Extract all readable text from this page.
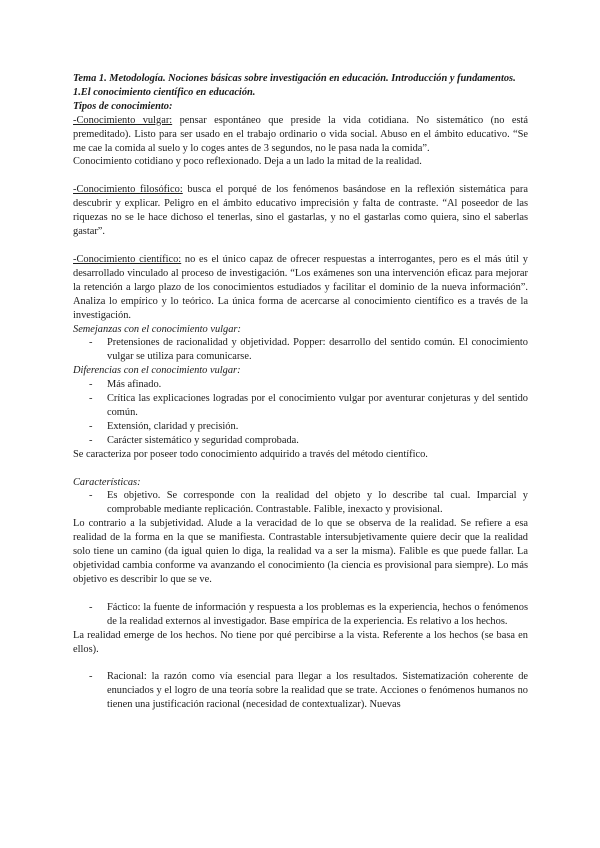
Tema 1. Metodología. Nociones básicas sobre investigación en educación. Introducción y fundamentos.

1.El conocimiento científico en educación.

Tipos de conocimiento:

-Conocimiento vulgar: pensar espontáneo que preside la vida cotidiana. No sistemático (no está premeditado). Listo para ser usado en el trabajo ordinario o vida social. Abuso en el ámbito educativo. “Se me cae la comida al suelo y lo coges antes de 3 segundos, no le pasa nada la comida”.

Conocimiento cotidiano y poco reflexionado. Deja a un lado la mitad de la realidad.

-Conocimiento filosófico: busca el porqué de los fenómenos basándose en la reflexión sistemática para descubrir y explicar. Peligro en el ámbito educativo imprecisión y falta de contraste. “Al poseedor de las riquezas no se le hace dichoso el tenerlas, sino el gastarlas, y no el gastarlas como quiera, sino el saberlas gastar”.

-Conocimiento científico: no es el único capaz de ofrecer respuestas a interrogantes, pero es el más útil y desarrollado vinculado al proceso de investigación. “Los exámenes son una intervención eficaz para mejorar la retención a largo plazo de los conocimientos estudiados y facilitar el dominio de la nueva información”. Analiza lo empírico y lo teórico. La única forma de acercarse al conocimiento científico es a través de la investigación.

Semejanzas con el conocimiento vulgar:

- Pretensiones de racionalidad y objetividad. Popper: desarrollo del sentido común. El conocimiento vulgar se utiliza para comunicarse.

Diferencias con el conocimiento vulgar:

- Más afinado.
- Crítica las explicaciones logradas por el conocimiento vulgar por aventurar conjeturas y del sentido común.
- Extensión, claridad y precisión.
- Carácter sistemático y seguridad comprobada.

Se caracteriza por poseer todo conocimiento adquirido a través del método científico.

Características:

- Es objetivo. Se corresponde con la realidad del objeto y lo describe tal cual. Imparcial y comprobable mediante replicación. Contrastable. Falible, inexacto y provisional.

Lo contrario a la subjetividad. Alude a la veracidad de lo que se observa de la realidad. Se refiere a esa realidad de la forma en la que se manifiesta. Contrastable intersubjetivamente quiere decir que la realidad solo tiene un camino (da igual quien lo diga, la realidad va a ser la misma). Falible es que puede fallar. La objetividad cambia conforme va avanzando el conocimiento (la ciencia es provisional para siempre). Lo más objetivo es describir lo que se ve.

- Fáctico: la fuente de información y respuesta a los problemas es la experiencia, hechos o fenómenos de la realidad externos al investigador. Base empírica de la experiencia. Es relativo a los hechos.

La realidad emerge de los hechos. No tiene por qué percibirse a la vista. Referente a los hechos (se basa en ellos).

- Racional: la razón como vía esencial para llegar a los resultados. Sistematización coherente de enunciados y el logro de una teoría sobre la realidad que se trate. Acciones o fenómenos humanos no tienen una justificación racional (necesidad de contextualizar). Nuevas
